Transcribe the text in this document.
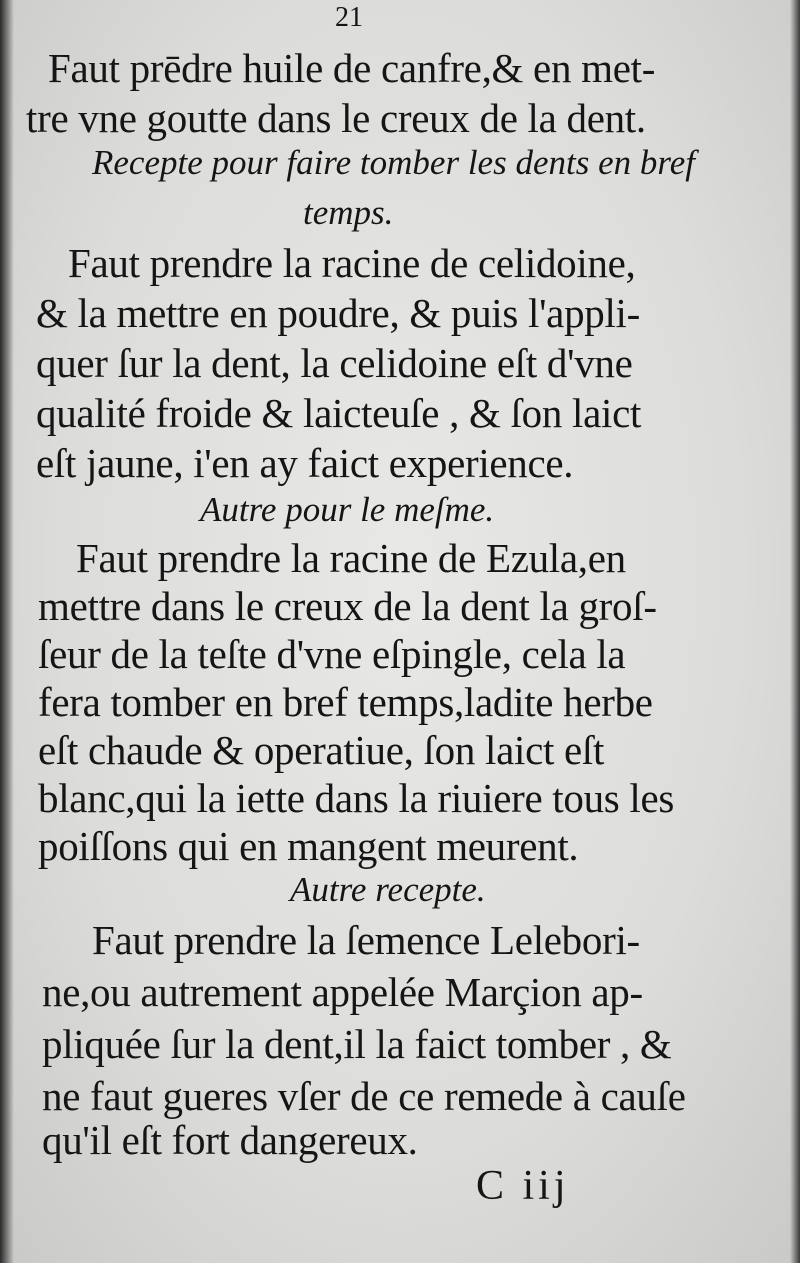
21
Faut prēdre huile de canfre,& en met-
tre vne goutte dans le creux de la dent.
Recepte pour faire tomber les dents en bref
temps.
Faut prendre la racine de celidoine,
& la mettre en poudre, & puis l'appli-
quer ſur la dent, la celidoine eſt d'vne
qualité froide & laicteuſe , & ſon laict
eſt jaune, i'en ay faict experience.
Autre pour le meſme.
Faut prendre la racine de Ezula,en
mettre dans le creux de la dent la groſ-
ſeur de la teſte d'vne eſpingle, cela la
fera tomber en bref temps,ladite herbe
eſt chaude & operatiue, ſon laict eſt
blanc,qui la iette dans la riuiere tous les
poiſſons qui en mangent meurent.
Autre recepte.
Faut prendre la ſemence Lelebori-
ne,ou autrement appelée Marçion ap-
pliquée ſur la dent,il la faict tomber , &
ne faut gueres vſer de ce remede à cauſe
qu'il eſt fort dangereux.
C iij
